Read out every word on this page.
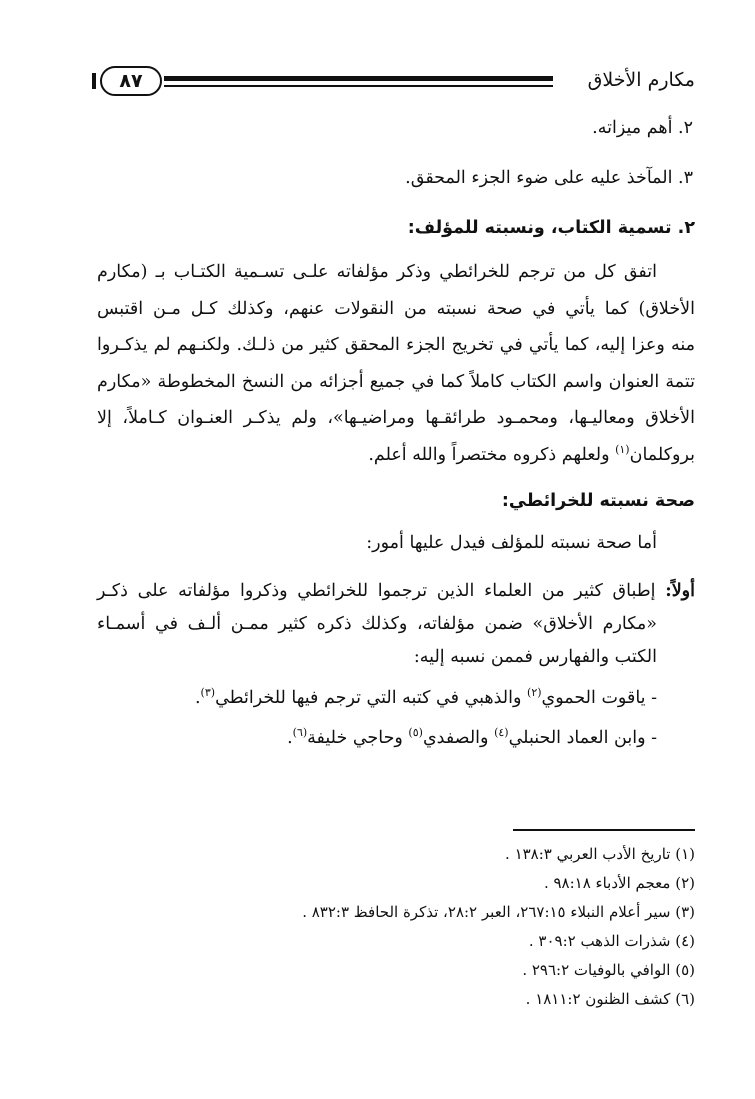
مكارم الأخلاق
٨٧
٢. أهم ميزاته.
٣. المآخذ عليه على ضوء الجزء المحقق.
٢. تسمية الكتاب، ونسبته للمؤلف:
اتفق كل من ترجم للخرائطي وذكر مؤلفاته علـى تسـمية الكتـاب بـ (مكارم
الأخلاق) كما يأتي في صحة نسبته من النقولات عنهم، وكذلك كـل مـن اقتبس
منه وعزا إليه، كما يأتي في تخريج الجزء المحقق كثير من ذلـك. ولكنـهم لم يذكـروا
تتمة العنوان واسم الكتاب كاملاً كما في جميع أجزائه من النسخ المخطوطة «مكارم
الأخلاق ومعاليـها، ومحمـود طرائقـها ومراضيـها»، ولم يذكـر العنـوان كـاملاً، إلا
بروكلمان$^{(١)}$ ولعلهم ذكروه مختصراً والله أعلم.
صحة نسبته للخرائطي:
أما صحة نسبته للمؤلف فيدل عليها أمور:
أولاً: إطباق كثير من العلماء الذين ترجموا للخرائطي وذكروا مؤلفاته على ذكـر
«مكارم الأخلاق» ضمن مؤلفاته، وكذلك ذكره كثير ممـن ألـف في أسمـاء
الكتب والفهارس فممن نسبه إليه:
- ياقوت الحموي$^{(٢)}$ والذهبي في كتبه التي ترجم فيها للخرائطي$^{(٣)}$.
- وابن العماد الحنبلي$^{(٤)}$ والصفدي$^{(٥)}$ وحاجي خليفة$^{(٦)}$.
(١) تاريخ الأدب العربي ١٣٨:٣ .
(٢) معجم الأدباء ٩٨:١٨ .
(٣) سير أعلام النبلاء ٢٦٧:١٥، العبر ٢٨:٢، تذكرة الحافظ ٨٣٢:٣ .
(٤) شذرات الذهب ٣٠٩:٢ .
(٥) الوافي بالوفيات ٢٩٦:٢ .
(٦) كشف الظنون ١٨١١:٢ .
